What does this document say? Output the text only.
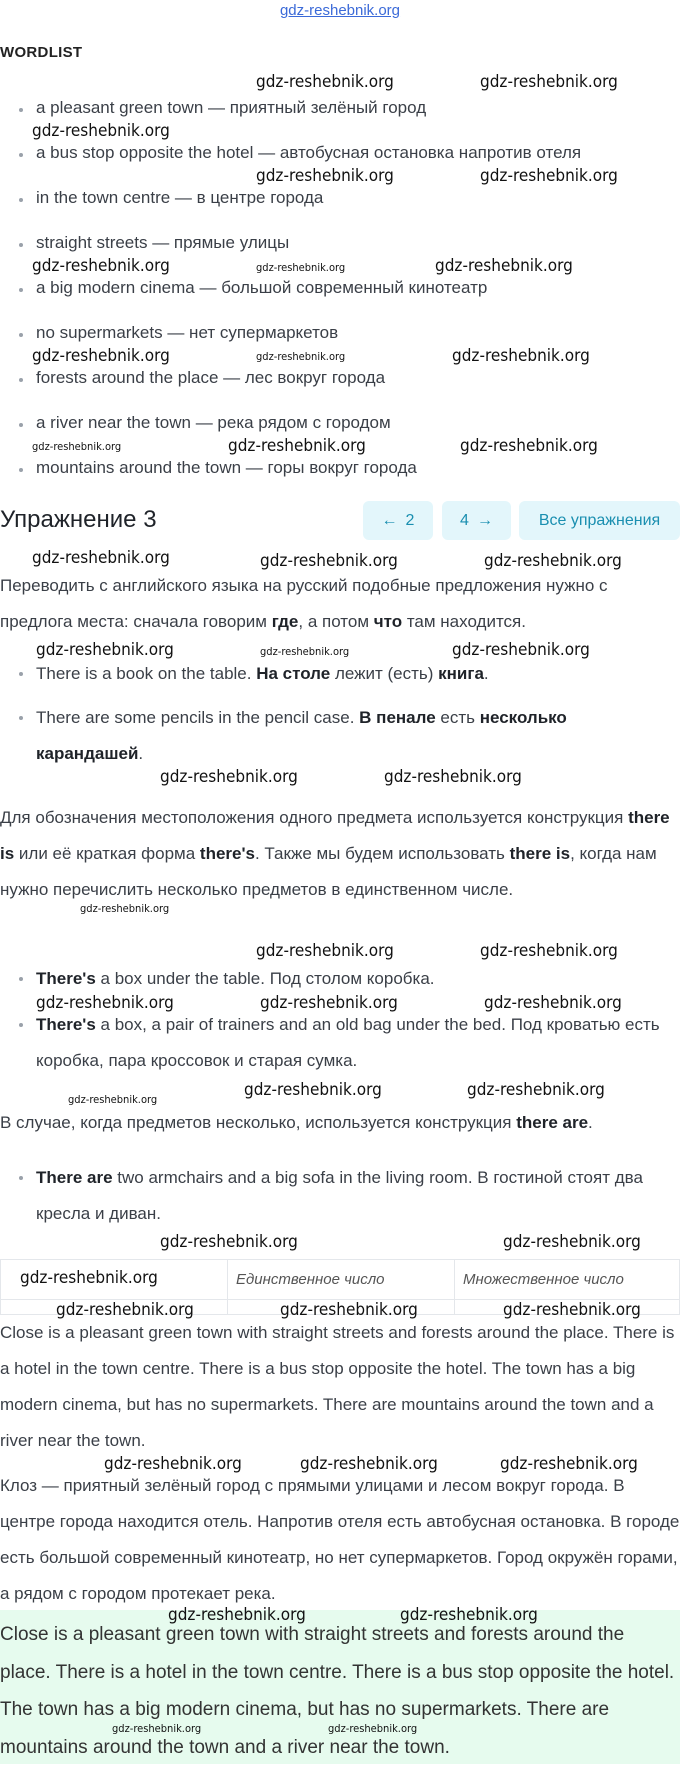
gdz-reshebnik.org
WORDLIST
a pleasant green town — приятный зелёный город
a bus stop opposite the hotel — автобусная остановка напротив отеля
in the town centre — в центре города
straight streets — прямые улицы
a big modern cinema — большой современный кинотеатр
no supermarkets — нет супермаркетов
forests around the place — лес вокруг города
a river near the town — река рядом с городом
mountains around the town — горы вокруг города
Упражнение 3	← 2	4 →	Все упражнения
Переводить с английского языка на русский подобные предложения нужно с предлога места: сначала говорим где, а потом что там находится.
There is a book on the table. На столе лежит (есть) книга.
There are some pencils in the pencil case. В пенале есть несколько карандашей.
Для обозначения местоположения одного предмета используется конструкция there is или её краткая форма there's. Также мы будем использовать there is, когда нам нужно перечислить несколько предметов в единственном числе.
There's a box under the table. Под столом коробка.
There's a box, a pair of trainers and an old bag under the bed. Под кроватью есть коробка, пара кроссовок и старая сумка.
В случае, когда предметов несколько, используется конструкция there are.
There are two armchairs and a big sofa in the living room. В гостиной стоят два кресла и диван.
	Единственное число	Множественное число

Close is a pleasant green town with straight streets and forests around the place. There is a hotel in the town centre. There is a bus stop opposite the hotel. The town has a big modern cinema, but has no supermarkets. There are mountains around the town and a river near the town.
Клоз — приятный зелёный город с прямыми улицами и лесом вокруг города. В центре города находится отель. Напротив отеля есть автобусная остановка. В городе есть большой современный кинотеатр, но нет супермаркетов. Город окружён горами, а рядом с городом протекает река.
Close is a pleasant green town with straight streets and forests around the place. There is a hotel in the town centre. There is a bus stop opposite the hotel. The town has a big modern cinema, but has no supermarkets. There are mountains around the town and a river near the town.
gdz-reshebnik.org	gdz-reshebnik.org
gdz-reshebnik.org
gdz-reshebnik.org	gdz-reshebnik.org
gdz-reshebnik.org	gdz-reshebnik.org	gdz-reshebnik.org
gdz-reshebnik.org	gdz-reshebnik.org	gdz-reshebnik.org
gdz-reshebnik.org	gdz-reshebnik.org	gdz-reshebnik.org
gdz-reshebnik.org	gdz-reshebnik.org	gdz-reshebnik.org
gdz-reshebnik.org	gdz-reshebnik.org	gdz-reshebnik.org
gdz-reshebnik.org	gdz-reshebnik.org
gdz-reshebnik.org	gdz-reshebnik.org
gdz-reshebnik.org
gdz-reshebnik.org
gdz-reshebnik.org	gdz-reshebnik.org
gdz-reshebnik.org	gdz-reshebnik.org	gdz-reshebnik.org
gdz-reshebnik.org	gdz-reshebnik.org
gdz-reshebnik.org
gdz-reshebnik.org
gdz-reshebnik.org	gdz-reshebnik.org
gdz-reshebnik.org
gdz-reshebnik.org	gdz-reshebnik.org
gdz-reshebnik.org	gdz-reshebnik.org
gdz-reshebnik.org	gdz-reshebnik.org
